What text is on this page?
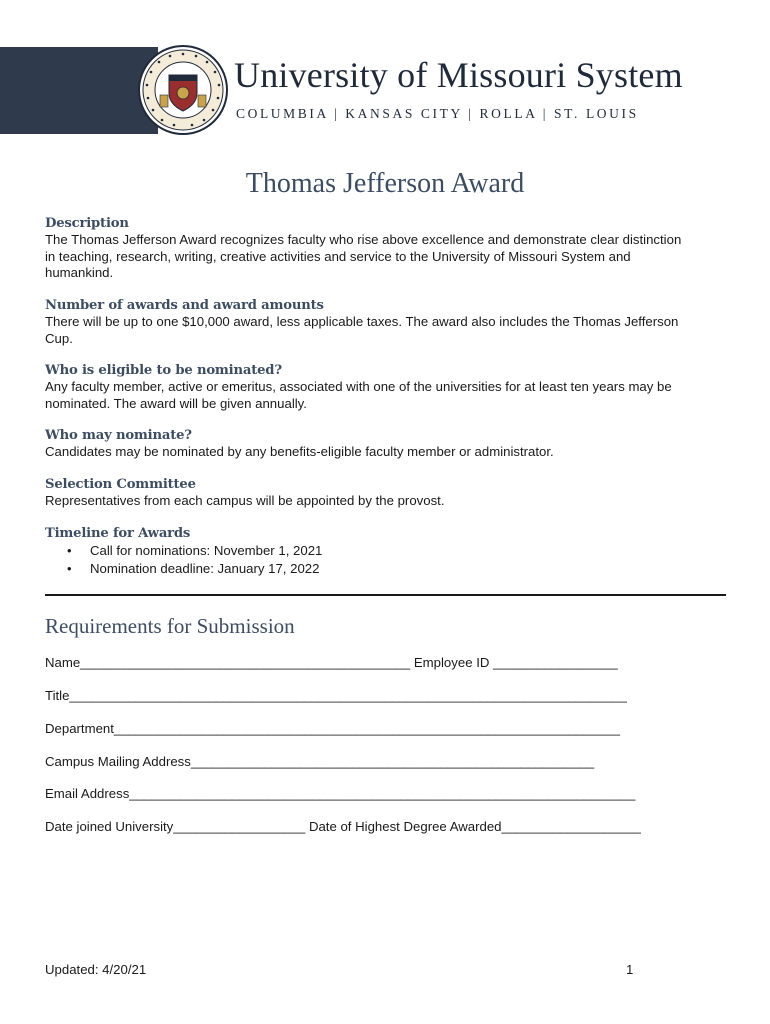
University of Missouri System
COLUMBIA | KANSAS CITY | ROLLA | ST. LOUIS
Thomas Jefferson Award
Description
The Thomas Jefferson Award recognizes faculty who rise above excellence and demonstrate clear distinction
in teaching, research, writing, creative activities and service to the University of Missouri System and
humankind.
Number of awards and award amounts
There will be up to one $10,000 award, less applicable taxes. The award also includes the Thomas Jefferson
Cup.
Who is eligible to be nominated?
Any faculty member, active or emeritus, associated with one of the universities for at least ten years may be
nominated. The award will be given annually.
Who may nominate?
Candidates may be nominated by any benefits-eligible faculty member or administrator.
Selection Committee
Representatives from each campus will be appointed by the provost.
Timeline for Awards
• Call for nominations: November 1, 2021
• Nomination deadline: January 17, 2022
Requirements for Submission
Name_____________________________________________ Employee ID _________________
Title____________________________________________________________________________
Department_____________________________________________________________________
Campus Mailing Address_______________________________________________________
Email Address_____________________________________________________________________
Date joined University__________________ Date of Highest Degree Awarded___________________
Updated: 4/20/21	1
